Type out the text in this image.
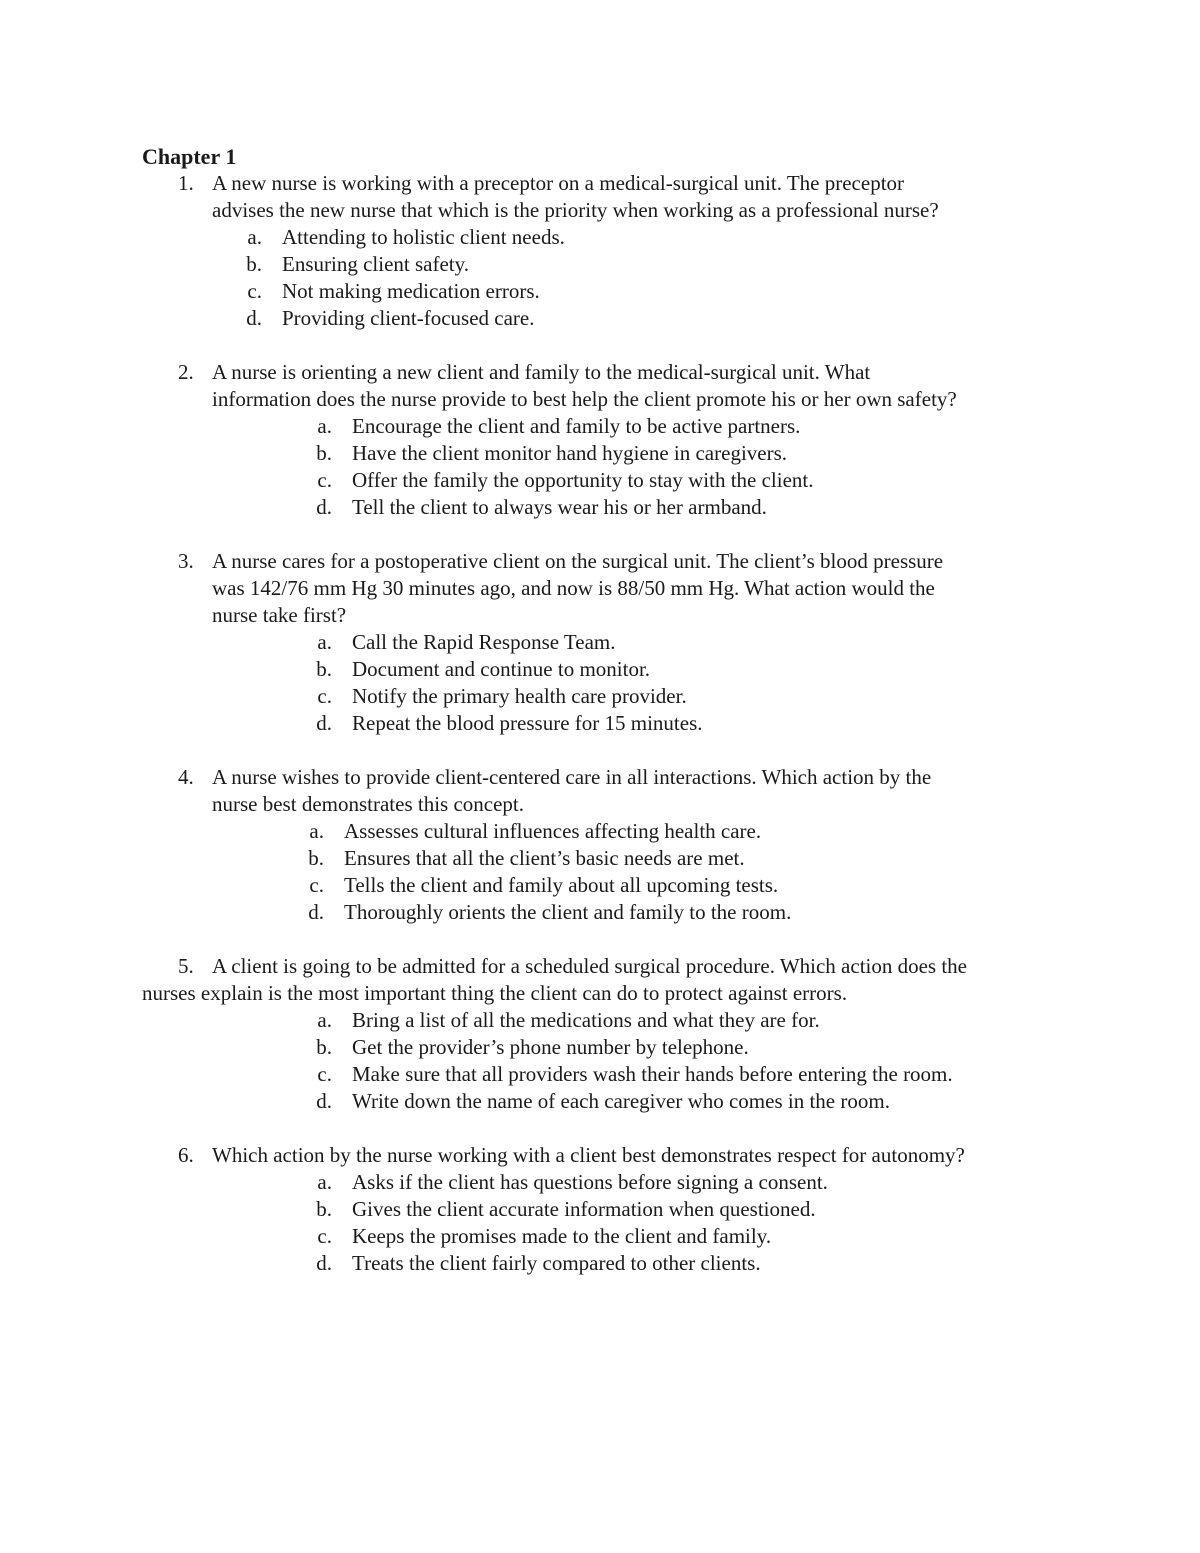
Chapter 1
1. A new nurse is working with a preceptor on a medical-surgical unit. The preceptor
advises the new nurse that which is the priority when working as a professional nurse?
a. Attending to holistic client needs.
b. Ensuring client safety.
c. Not making medication errors.
d. Providing client-focused care.
2. A nurse is orienting a new client and family to the medical-surgical unit. What
information does the nurse provide to best help the client promote his or her own safety?
a. Encourage the client and family to be active partners.
b. Have the client monitor hand hygiene in caregivers.
c. Offer the family the opportunity to stay with the client.
d. Tell the client to always wear his or her armband.
3. A nurse cares for a postoperative client on the surgical unit. The client’s blood pressure
was 142/76 mm Hg 30 minutes ago, and now is 88/50 mm Hg. What action would the
nurse take first?
a. Call the Rapid Response Team.
b. Document and continue to monitor.
c. Notify the primary health care provider.
d. Repeat the blood pressure for 15 minutes.
4. A nurse wishes to provide client-centered care in all interactions. Which action by the
nurse best demonstrates this concept.
a. Assesses cultural influences affecting health care.
b. Ensures that all the client’s basic needs are met.
c. Tells the client and family about all upcoming tests.
d. Thoroughly orients the client and family to the room.
5. A client is going to be admitted for a scheduled surgical procedure. Which action does the
nurses explain is the most important thing the client can do to protect against errors.
a. Bring a list of all the medications and what they are for.
b. Get the provider’s phone number by telephone.
c. Make sure that all providers wash their hands before entering the room.
d. Write down the name of each caregiver who comes in the room.
6. Which action by the nurse working with a client best demonstrates respect for autonomy?
a. Asks if the client has questions before signing a consent.
b. Gives the client accurate information when questioned.
c. Keeps the promises made to the client and family.
d. Treats the client fairly compared to other clients.
